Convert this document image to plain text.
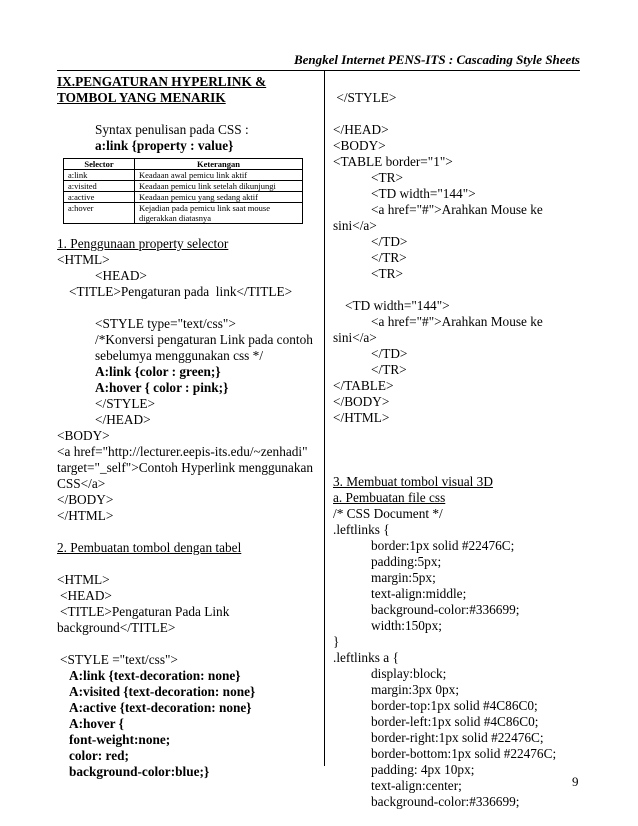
Bengkel Internet PENS-ITS : Cascading Style Sheets
IX.PENGATURAN HYPERLINK &
TOMBOL YANG MENARIK
Syntax penulisan pada CSS :
a:link {property : value}
Selector	Keterangan
a:link	Keadaan awal pemicu link aktif
a:visited	Keadaan pemicu link setelah dikunjungi
a:active	Keadaan pemicu yang sedang aktif
a:hover	Kejadian pada pemicu link saat mouse digerakkan diatasnya
1. Penggunaan property selector
<HTML>
<HEAD>
<TITLE>Pengaturan pada  link</TITLE>
<STYLE type="text/css">
/*Konversi pengaturan Link pada contoh
sebelumya menggunakan css */
A:link {color : green;}
A:hover { color : pink;}
</STYLE>
</HEAD>
<BODY>
<a href="http://lecturer.eepis-its.edu/~zenhadi"
target="_self">Contoh Hyperlink menggunakan
CSS</a>
</BODY>
</HTML>
2. Pembuatan tombol dengan tabel
<HTML>
<HEAD>
<TITLE>Pengaturan Pada Link
background</TITLE>
<STYLE ="text/css">
A:link {text-decoration: none}
A:visited {text-decoration: none}
A:active {text-decoration: none}
A:hover {
font-weight:none;
color: red;
background-color:blue;}
</STYLE>
</HEAD>
<BODY>
<TABLE border="1">
<TR>
<TD width="144">
<a href="#">Arahkan Mouse ke
sini</a>
</TD>
</TR>
<TR>
<TD width="144">
<a href="#">Arahkan Mouse ke
sini</a>
</TD>
</TR>
</TABLE>
</BODY>
</HTML>
3. Membuat tombol visual 3D
a. Pembuatan file css
/* CSS Document */
.leftlinks {
border:1px solid #22476C;
padding:5px;
margin:5px;
text-align:middle;
background-color:#336699;
width:150px;
}
.leftlinks a {
display:block;
margin:3px 0px;
border-top:1px solid #4C86C0;
border-left:1px solid #4C86C0;
border-right:1px solid #22476C;
border-bottom:1px solid #22476C;
padding: 4px 10px;
text-align:center;
background-color:#336699;
9
